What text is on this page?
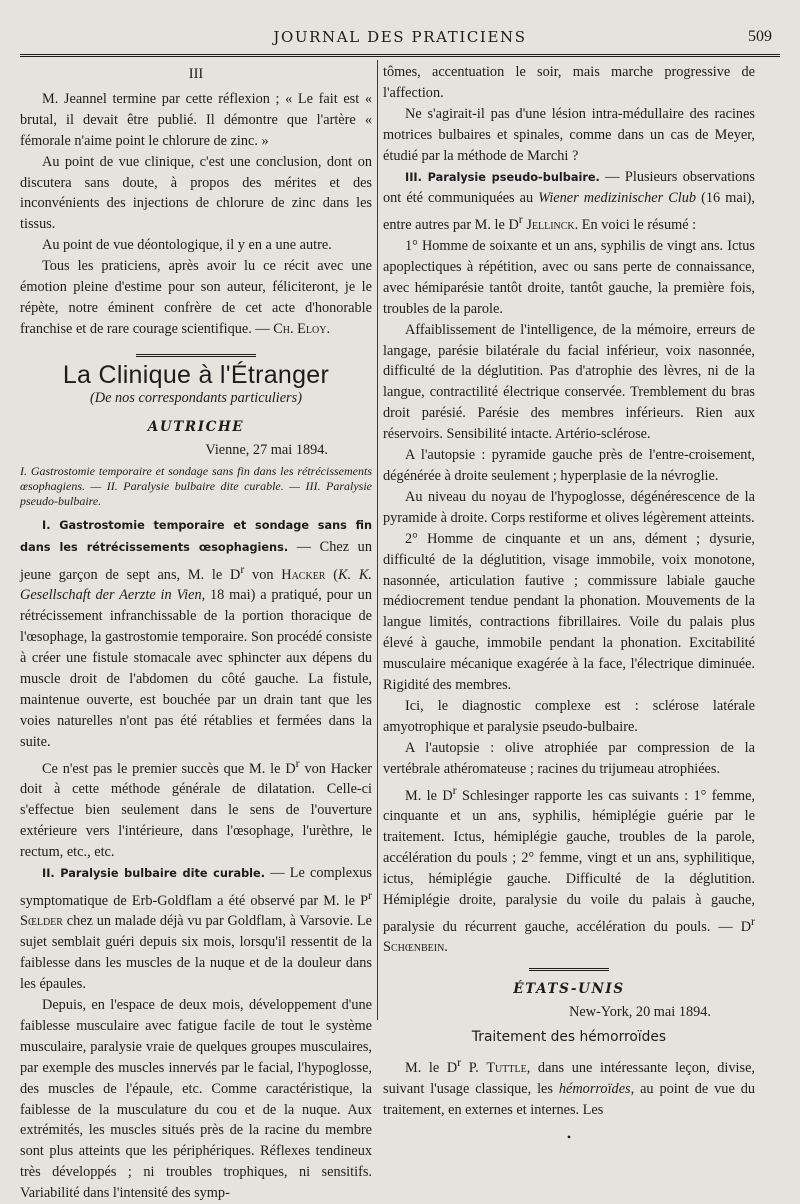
JOURNAL DES PRATICIENS	509

III

M. Jeannel termine par cette réflexion ; « Le fait est « brutal, il devait être publié. Il démontre que l'artère « fémorale n'aime point le chlorure de zinc. »

Au point de vue clinique, c'est une conclusion, dont on discutera sans doute, à propos des mérites et des inconvénients des injections de chlorure de zinc dans les tissus.

Au point de vue déontologique, il y en a une autre.

Tous les praticiens, après avoir lu ce récit avec une émotion pleine d'estime pour son auteur, féliciteront, je le répète, notre éminent confrère de cet acte d'honorable franchise et de rare courage scientifique. — Ch. Eloy.

La Clinique à l'Étranger
(De nos correspondants particuliers)
AUTRICHE
Vienne, 27 mai 1894.

I. Gastrostomie temporaire et sondage sans fin dans les rétrécissements œsophagiens. — II. Paralysie bulbaire dite curable. — III. Paralysie pseudo-bulbaire.

I. Gastrostomie temporaire et sondage sans fin dans les rétrécissements œsophagiens. — Chez un jeune garçon de sept ans, M. le $D^r$ von Hacker (K. K. Gesellschaft der Aerzte in Vien, 18 mai) a pratiqué, pour un rétrécissement infranchissable de la portion thoracique de l'œsophage, la gastrostomie temporaire. Son procédé consiste à créer une fistule stomacale avec sphincter aux dépens du muscle droit de l'abdomen du côté gauche. La fistule, maintenue ouverte, est bouchée par un drain tant que les voies naturelles n'ont pas été rétablies et fermées dans la suite.

Ce n'est pas le premier succès que M. le $D^r$ von Hacker doit à cette méthode générale de dilatation. Celle-ci s'effectue bien seulement dans le sens de l'ouverture extérieure vers l'intérieure, dans l'œsophage, l'urèthre, le rectum, etc., etc.

II. Paralysie bulbaire dite curable. — Le complexus symptomatique de Erb-Goldflam a été observé par M. le $P^r$ Sœlder chez un malade déjà vu par Goldflam, à Varsovie. Le sujet semblait guéri depuis six mois, lorsqu'il ressentit de la faiblesse dans les muscles de la nuque et de la douleur dans les épaules.

Depuis, en l'espace de deux mois, développement d'une faiblesse musculaire avec fatigue facile de tout le système musculaire, paralysie vraie de quelques groupes musculaires, par exemple des muscles innervés par le facial, l'hypoglosse, des muscles de l'épaule, etc. Comme caractéristique, la faiblesse de la musculature du cou et de la nuque. Aux extrémités, les muscles situés près de la racine du membre sont plus atteints que les périphériques. Réflexes tendineux très développés ; ni troubles trophiques, ni sensitifs. Variabilité dans l'intensité des symp-

tômes, accentuation le soir, mais marche progressive de l'affection.

Ne s'agirait-il pas d'une lésion intra-médullaire des racines motrices bulbaires et spinales, comme dans un cas de Meyer, étudié par la méthode de Marchi ?

III. Paralysie pseudo-bulbaire. — Plusieurs observations ont été communiquées au Wiener medizinischer Club (16 mai), entre autres par M. le $D^r$ Jellinck. En voici le résumé :

1° Homme de soixante et un ans, syphilis de vingt ans. Ictus apoplectiques à répétition, avec ou sans perte de connaissance, avec hémiparésie tantôt droite, tantôt gauche, la première fois, troubles de la parole.

Affaiblissement de l'intelligence, de la mémoire, erreurs de langage, parésie bilatérale du facial inférieur, voix nasonnée, difficulté de la déglutition. Pas d'atrophie des lèvres, ni de la langue, contractilité électrique conservée. Tremblement du bras droit parésié. Parésie des membres inférieurs. Rien aux réservoirs. Sensibilité intacte. Artério-sclérose.

A l'autopsie : pyramide gauche près de l'entre-croisement, dégénérée à droite seulement ; hyperplasie de la névroglie.

Au niveau du noyau de l'hypoglosse, dégénérescence de la pyramide à droite. Corps restiforme et olives légèrement atteints.

2° Homme de cinquante et un ans, dément ; dysurie, difficulté de la déglutition, visage immobile, voix monotone, nasonnée, articulation fautive ; commissure labiale gauche médiocrement tendue pendant la phonation. Mouvements de la langue limités, contractions fibrillaires. Voile du palais plus élevé à gauche, immobile pendant la phonation. Excitabilité musculaire mécanique exagérée à la face, l'électrique diminuée. Rigidité des membres.

Ici, le diagnostic complexe est : sclérose latérale amyotrophique et paralysie pseudo-bulbaire.

A l'autopsie : olive atrophiée par compression de la vertébrale athéromateuse ; racines du trijumeau atrophiées.

M. le $D^r$ Schlesinger rapporte les cas suivants : 1° femme, cinquante et un ans, syphilis, hémiplégie guérie par le traitement. Ictus, hémiplégie gauche, troubles de la parole, accélération du pouls ; 2° femme, vingt et un ans, syphilitique, ictus, hémiplégie gauche. Difficulté de la déglutition. Hémiplégie droite, paralysie du voile du palais à gauche, paralysie du récurrent gauche, accélération du pouls. — $D^r$ Schœnbein.

ÉTATS-UNIS
New-York, 20 mai 1894.
Traitement des hémorroïdes

M. le $D^r$ P. Tuttle, dans une intéressante leçon, divise, suivant l'usage classique, les hémorroïdes, au point de vue du traitement, en externes et internes. Les

•
